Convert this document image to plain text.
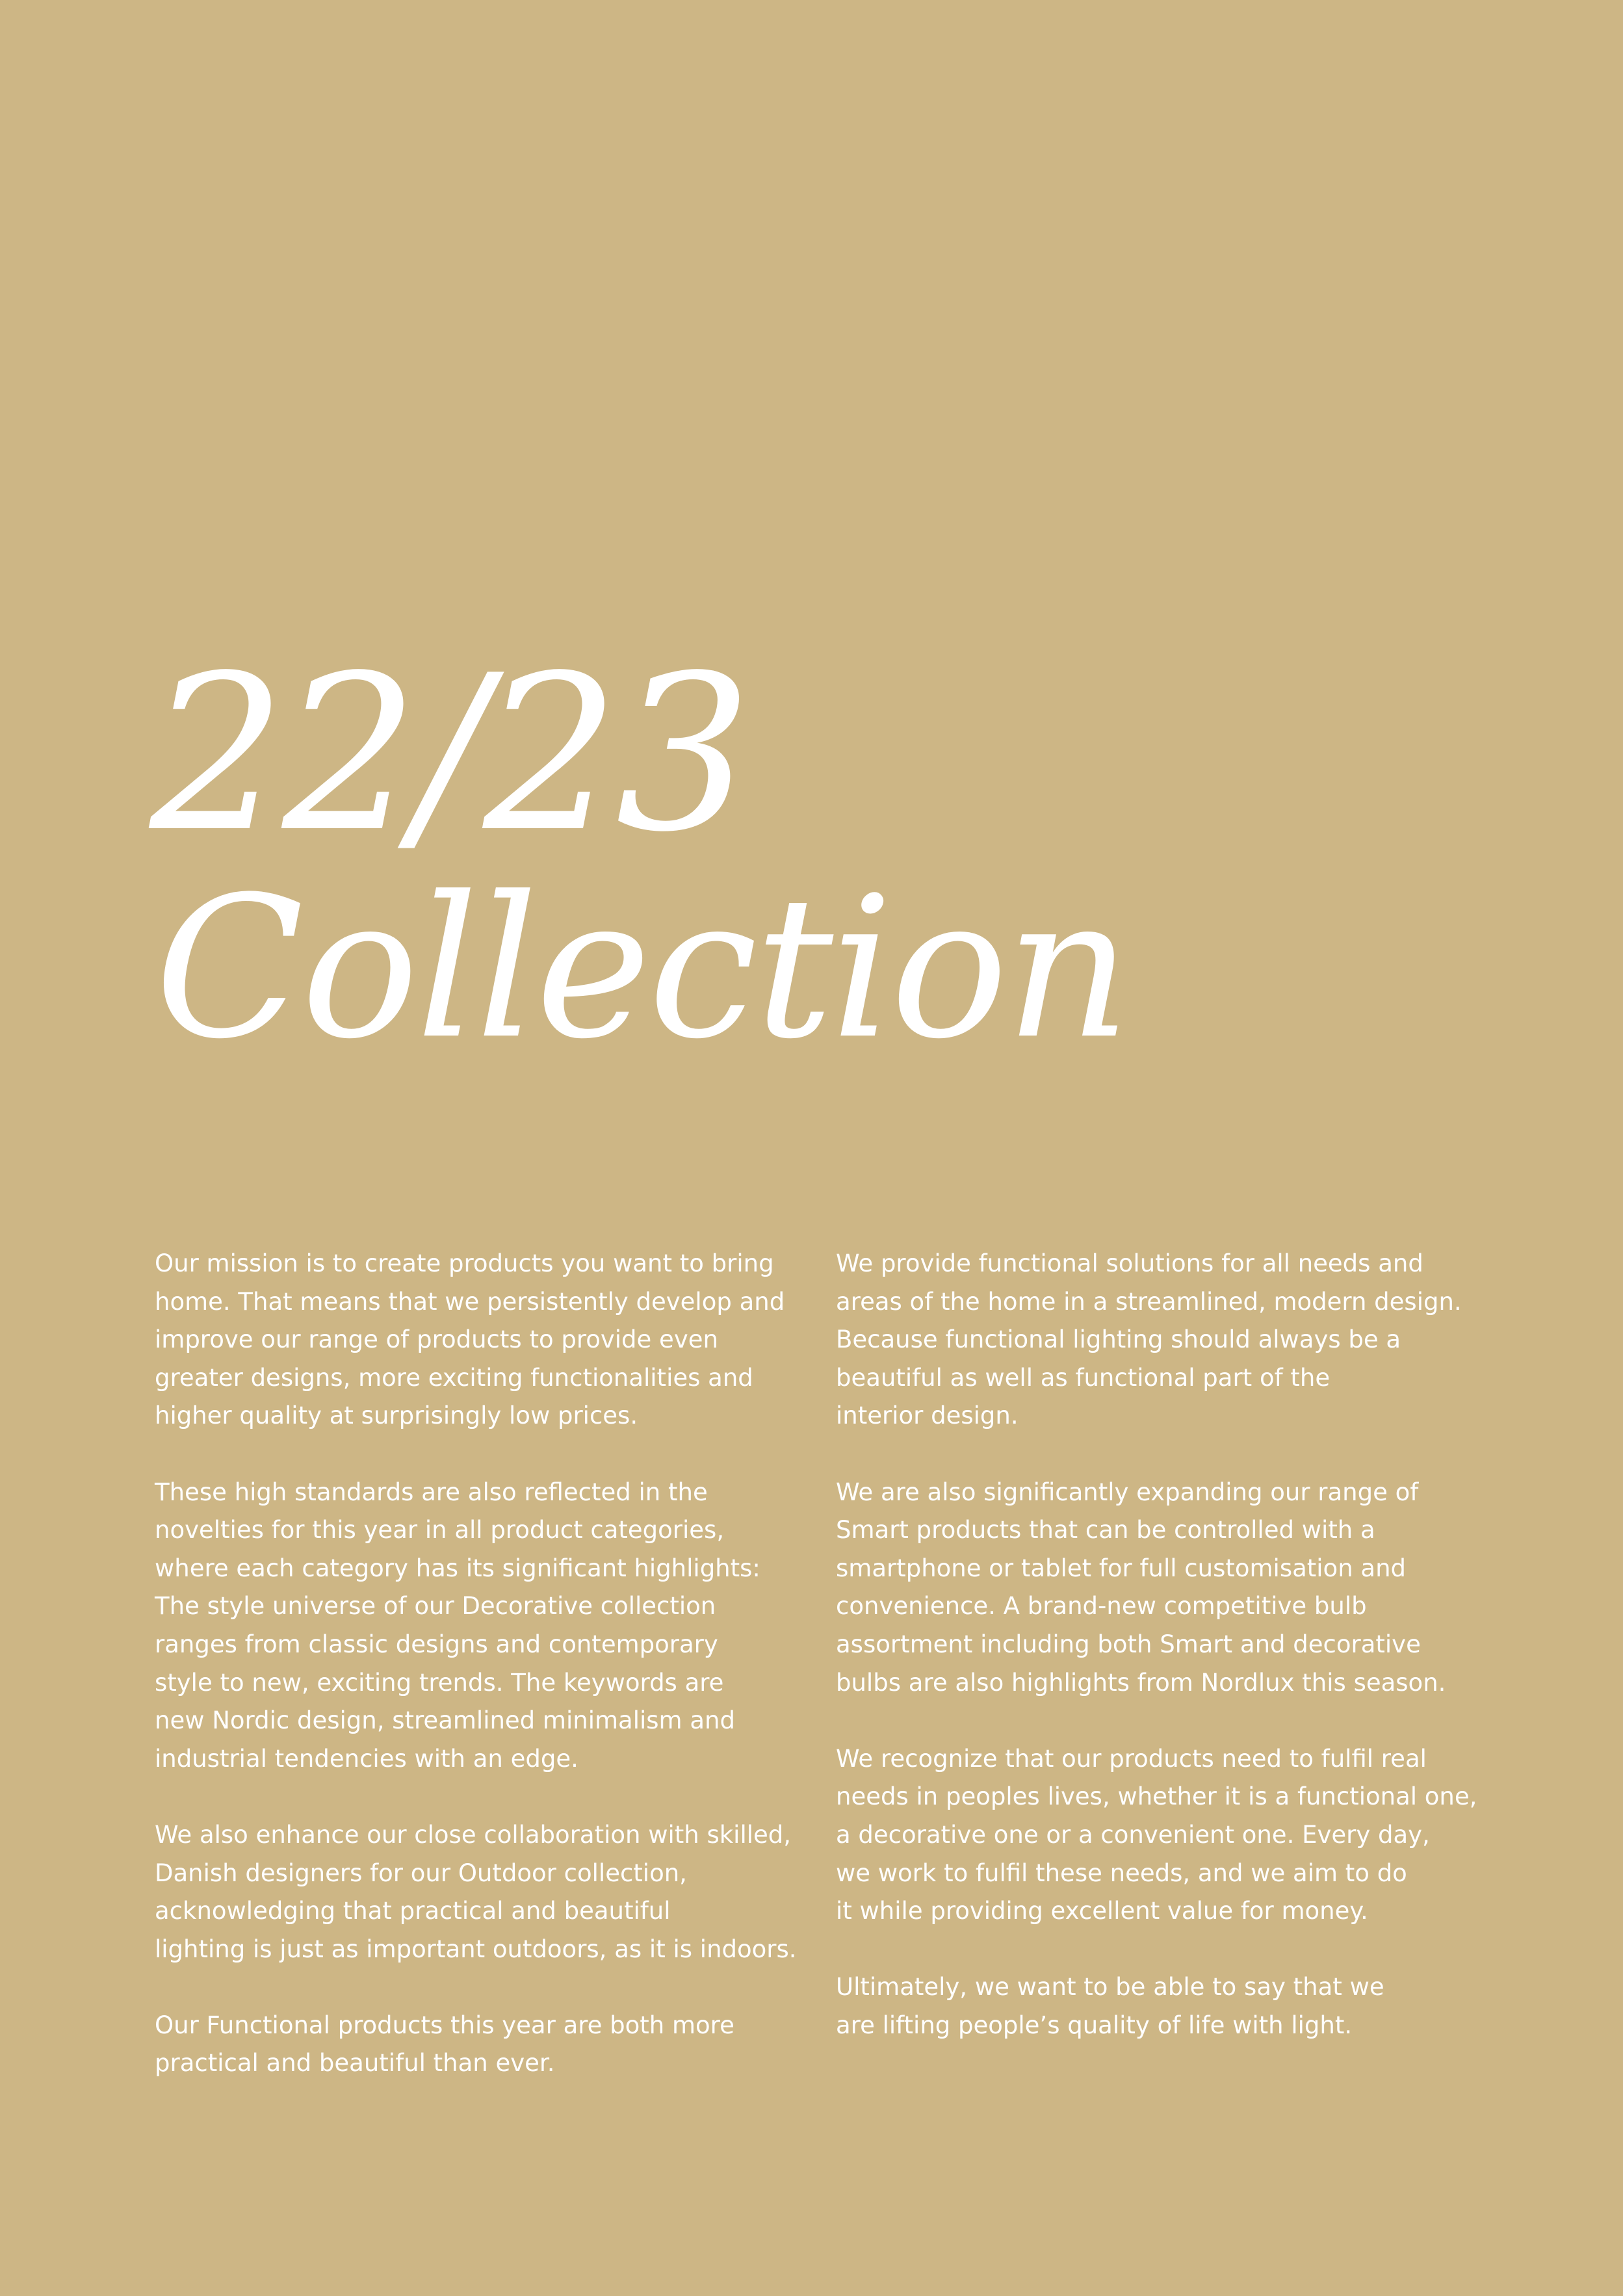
22/23
Collection

Our mission is to create products you want to bring
home. That means that we persistently develop and
improve our range of products to provide even
greater designs, more exciting functionalities and
higher quality at surprisingly low prices.

These high standards are also reflected in the
novelties for this year in all product categories,
where each category has its significant highlights:
The style universe of our Decorative collection
ranges from classic designs and contemporary
style to new, exciting trends. The keywords are
new Nordic design, streamlined minimalism and
industrial tendencies with an edge.

We also enhance our close collaboration with skilled,
Danish designers for our Outdoor collection,
acknowledging that practical and beautiful
lighting is just as important outdoors, as it is indoors.

Our Functional products this year are both more
practical and beautiful than ever.

We provide functional solutions for all needs and
areas of the home in a streamlined, modern design.
Because functional lighting should always be a
beautiful as well as functional part of the
interior design.

We are also significantly expanding our range of
Smart products that can be controlled with a
smartphone or tablet for full customisation and
convenience. A brand-new competitive bulb
assortment including both Smart and decorative
bulbs are also highlights from Nordlux this season.

We recognize that our products need to fulfil real
needs in peoples lives, whether it is a functional one,
a decorative one or a convenient one. Every day,
we work to fulfil these needs, and we aim to do
it while providing excellent value for money.

Ultimately, we want to be able to say that we
are lifting people’s quality of life with light.
